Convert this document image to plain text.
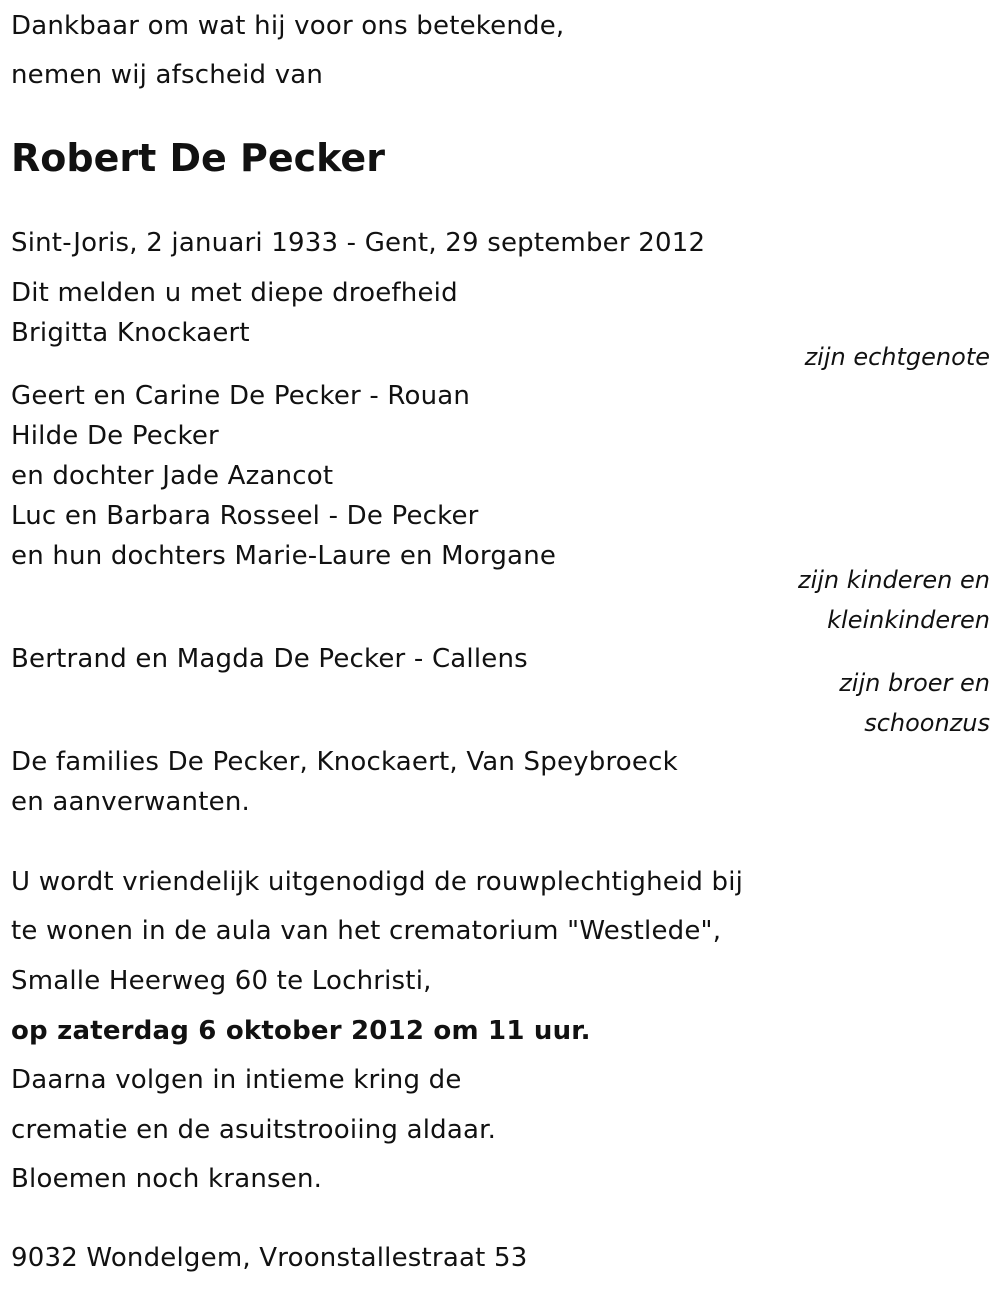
Dankbaar om wat hij voor ons betekende,
nemen wij afscheid van
Robert De Pecker
Sint-Joris, 2 januari 1933 - Gent, 29 september 2012
Dit melden u met diepe droefheid
Brigitta Knockaert
zijn echtgenote
Geert en Carine De Pecker - Rouan
Hilde De Pecker
en dochter Jade Azancot
Luc en Barbara Rosseel - De Pecker
en hun dochters Marie-Laure en Morgane
zijn kinderen en
kleinkinderen
Bertrand en Magda De Pecker - Callens
zijn broer en
schoonzus
De families De Pecker, Knockaert, Van Speybroeck
en aanverwanten.
U wordt vriendelijk uitgenodigd de rouwplechtigheid bij
te wonen in de aula van het crematorium "Westlede",
Smalle Heerweg 60 te Lochristi,
op zaterdag 6 oktober 2012 om 11 uur.
Daarna volgen in intieme kring de
crematie en de asuitstrooiing aldaar.
Bloemen noch kransen.
9032 Wondelgem, Vroonstallestraat 53
